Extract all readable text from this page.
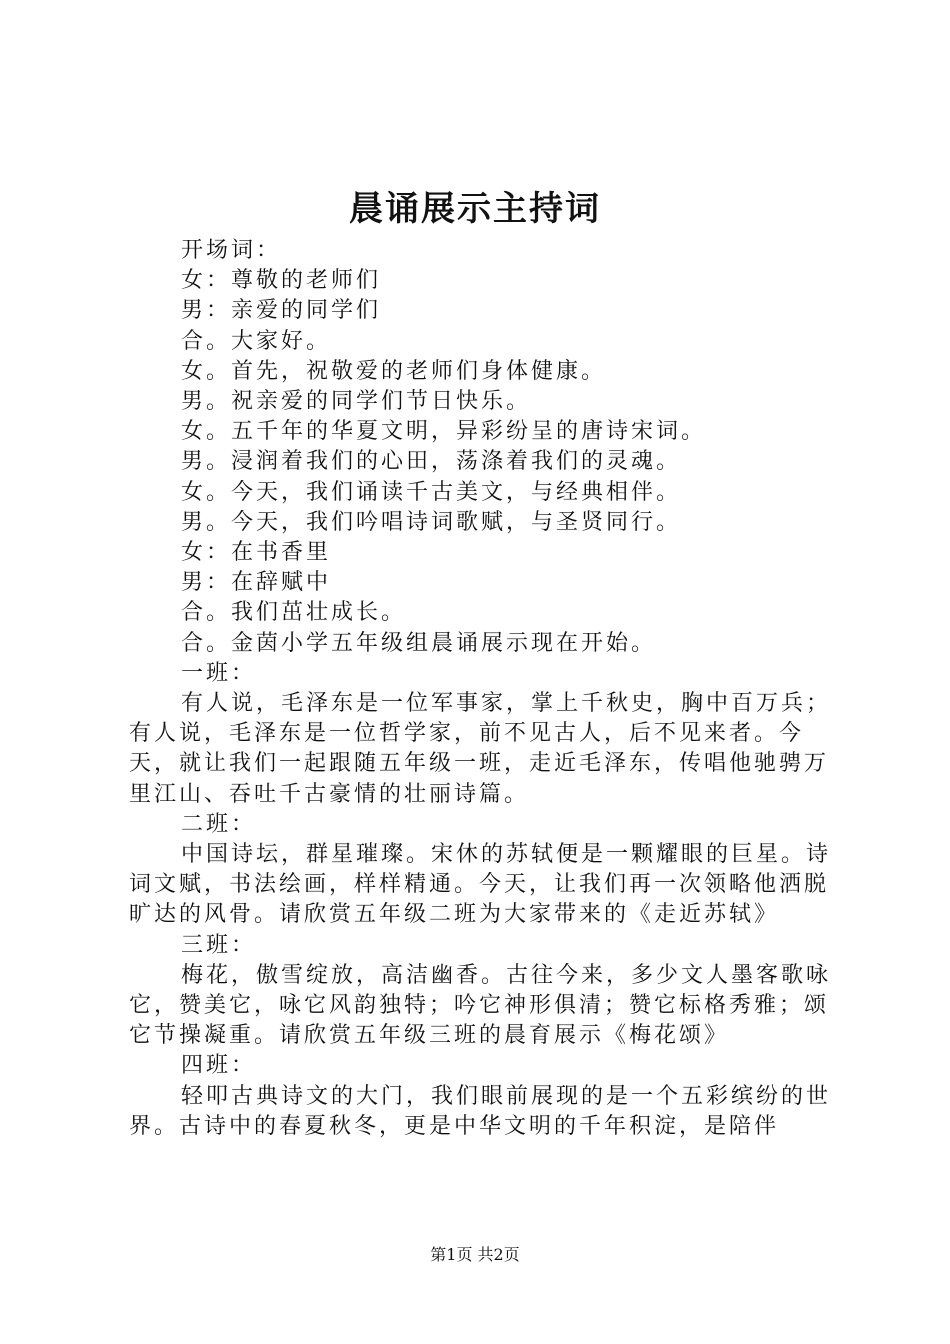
晨诵展示主持词

开场词：

女：尊敬的老师们

男：亲爱的同学们

合。大家好。

女。首先，祝敬爱的老师们身体健康。

男。祝亲爱的同学们节日快乐。

女。五千年的华夏文明，异彩纷呈的唐诗宋词。

男。浸润着我们的心田，荡涤着我们的灵魂。

女。今天，我们诵读千古美文，与经典相伴。

男。今天，我们吟唱诗词歌赋，与圣贤同行。

女：在书香里

男：在辞赋中

合。我们茁壮成长。

合。金茵小学五年级组晨诵展示现在开始。

一班：

有人说，毛泽东是一位军事家，掌上千秋史，胸中百万兵；有人说，毛泽东是一位哲学家，前不见古人，后不见来者。今天，就让我们一起跟随五年级一班，走近毛泽东，传唱他驰骋万里江山、吞吐千古豪情的壮丽诗篇。

二班：

中国诗坛，群星璀璨。宋休的苏轼便是一颗耀眼的巨星。诗词文赋，书法绘画，样样精通。今天，让我们再一次领略他洒脱旷达的风骨。请欣赏五年级二班为大家带来的《走近苏轼》

三班：

梅花，傲雪绽放，高洁幽香。古往今来，多少文人墨客歌咏它，赞美它，咏它风韵独特；吟它神形俱清；赞它标格秀雅；颂它节操凝重。请欣赏五年级三班的晨育展示《梅花颂》

四班：

轻叩古典诗文的大门，我们眼前展现的是一个五彩缤纷的世界。古诗中的春夏秋冬，更是中华文明的千年积淀，是陪伴

第1页 共2页
